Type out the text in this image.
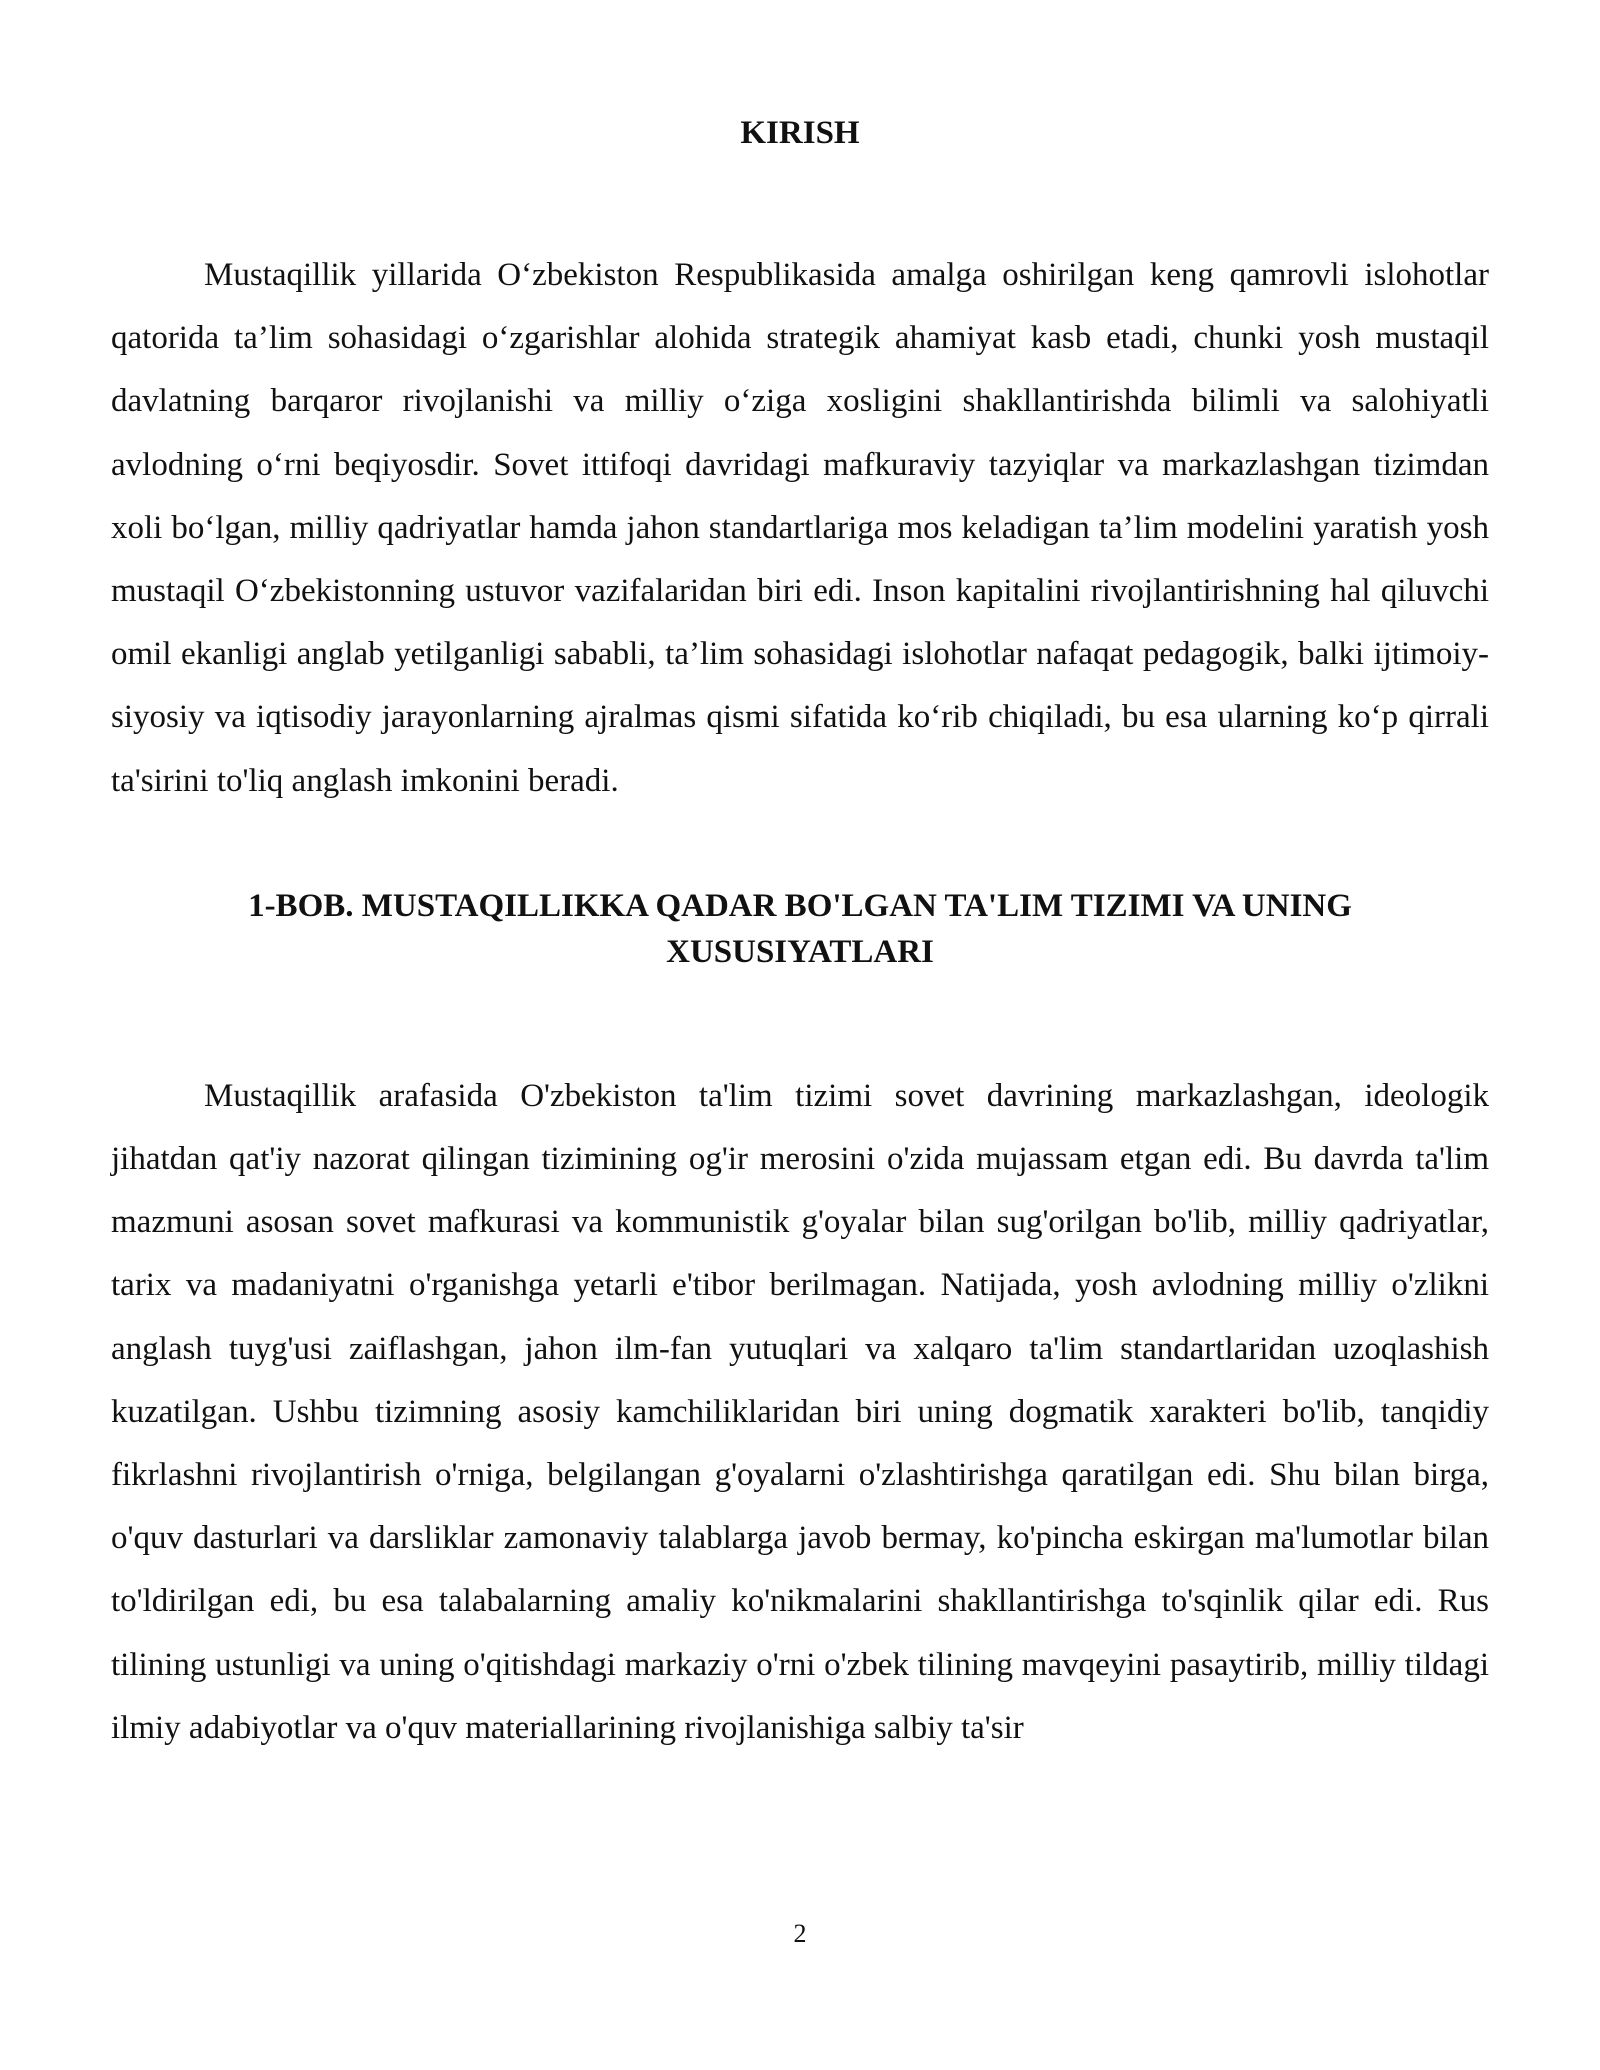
KIRISH

Mustaqillik yillarida O‘zbekiston Respublikasida amalga oshirilgan keng qamrovli islohotlar qatorida ta’lim sohasidagi o‘zgarishlar alohida strategik ahamiyat kasb etadi, chunki yosh mustaqil davlatning barqaror rivojlanishi va milliy o‘ziga xosligini shakllantirishda bilimli va salohiyatli avlodning o‘rni beqiyosdir. Sovet ittifoqi davridagi mafkuraviy tazyiqlar va markazlashgan tizimdan xoli bo‘lgan, milliy qadriyatlar hamda jahon standartlariga mos keladigan ta’lim modelini yaratish yosh mustaqil O‘zbekistonning ustuvor vazifalaridan biri edi. Inson kapitalini rivojlantirishning hal qiluvchi omil ekanligi anglab yetilganligi sababli, ta’lim sohasidagi islohotlar nafaqat pedagogik, balki ijtimoiy-siyosiy va iqtisodiy jarayonlarning ajralmas qismi sifatida ko‘rib chiqiladi, bu esa ularning ko‘p qirrali ta'sirini to'liq anglash imkonini beradi.

1-BOB. MUSTAQILLIKKA QADAR BO'LGAN TA'LIM TIZIMI VA UNING
XUSUSIYATLARI

Mustaqillik arafasida O'zbekiston ta'lim tizimi sovet davrining markazlashgan, ideologik jihatdan qat'iy nazorat qilingan tizimining og'ir merosini o'zida mujassam etgan edi. Bu davrda ta'lim mazmuni asosan sovet mafkurasi va kommunistik g'oyalar bilan sug'orilgan bo'lib, milliy qadriyatlar, tarix va madaniyatni o'rganishga yetarli e'tibor berilmagan. Natijada, yosh avlodning milliy o'zlikni anglash tuyg'usi zaiflashgan, jahon ilm-fan yutuqlari va xalqaro ta'lim standartlaridan uzoqlashish kuzatilgan. Ushbu tizimning asosiy kamchiliklaridan biri uning dogmatik xarakteri bo'lib, tanqidiy fikrlashni rivojlantirish o'rniga, belgilangan g'oyalarni o'zlashtirishga qaratilgan edi. Shu bilan birga, o'quv dasturlari va darsliklar zamonaviy talablarga javob bermay, ko'pincha eskirgan ma'lumotlar bilan to'ldirilgan edi, bu esa talabalarning amaliy ko'nikmalarini shakllantirishga to'sqinlik qilar edi. Rus tilining ustunligi va uning o'qitishdagi markaziy o'rni o'zbek tilining mavqeyini pasaytirib, milliy tildagi ilmiy adabiyotlar va o'quv materiallarining rivojlanishiga salbiy ta'sir

2
